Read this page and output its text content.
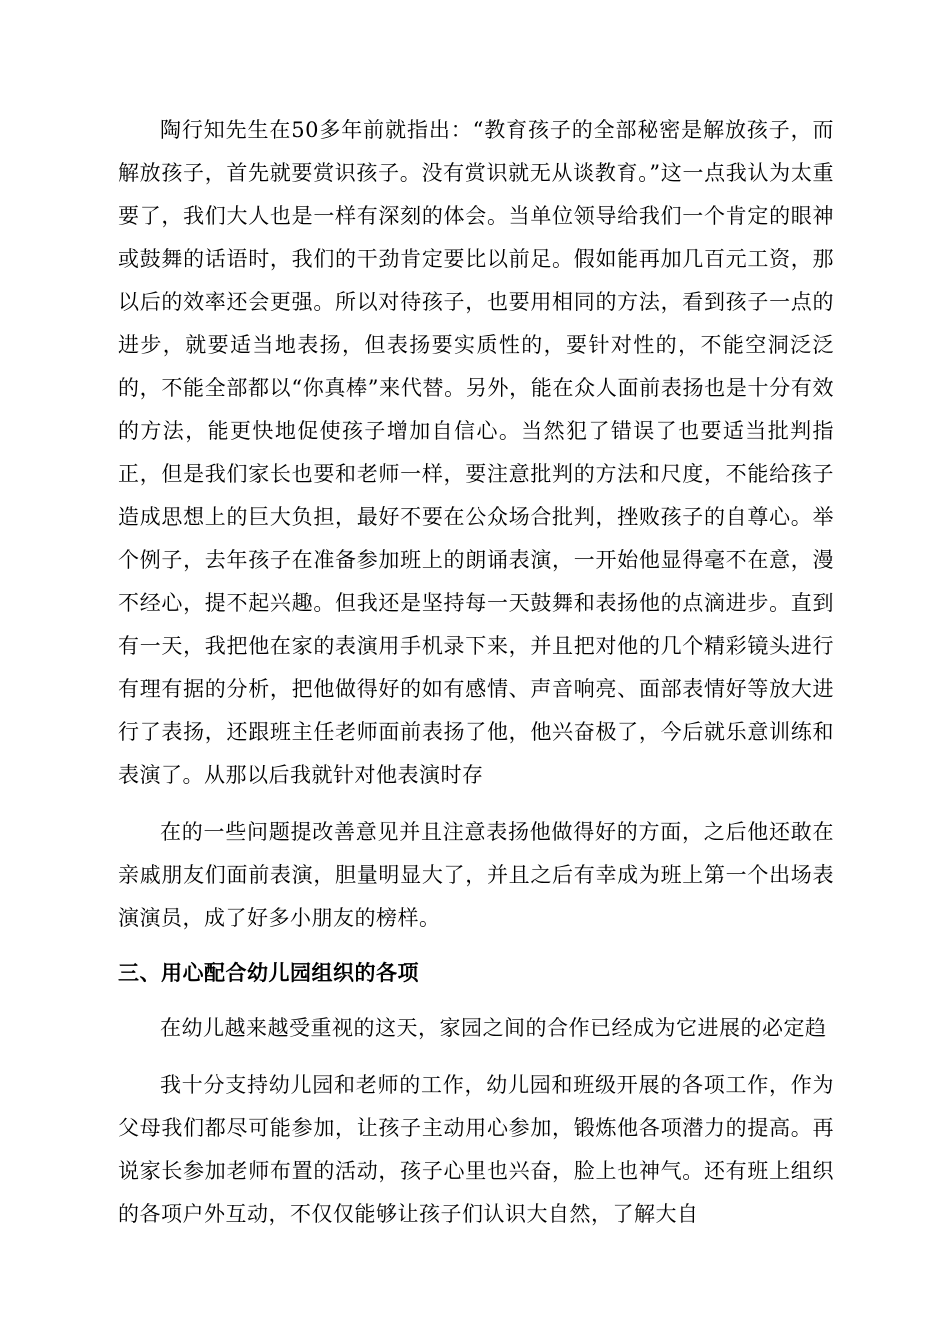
陶行知先生在50多年前就指出：“教育孩子的全部秘密是解放孩子，而解放孩子，首先就要赏识孩子。没有赏识就无从谈教育。”这一点我认为太重要了，我们大人也是一样有深刻的体会。当单位领导给我们一个肯定的眼神或鼓舞的话语时，我们的干劲肯定要比以前足。假如能再加几百元工资，那以后的效率还会更强。所以对待孩子，也要用相同的方法，看到孩子一点的进步，就要适当地表扬，但表扬要实质性的，要针对性的，不能空洞泛泛的，不能全部都以“你真棒”来代替。另外，能在众人面前表扬也是十分有效的方法，能更快地促使孩子增加自信心。当然犯了错误了也要适当批判指正，但是我们家长也要和老师一样，要注意批判的方法和尺度，不能给孩子造成思想上的巨大负担，最好不要在公众场合批判，挫败孩子的自尊心。举个例子，去年孩子在准备参加班上的朗诵表演，一开始他显得毫不在意，漫不经心，提不起兴趣。但我还是坚持每一天鼓舞和表扬他的点滴进步。直到有一天，我把他在家的表演用手机录下来，并且把对他的几个精彩镜头进行有理有据的分析，把他做得好的如有感情、声音响亮、面部表情好等放大进行了表扬，还跟班主任老师面前表扬了他，他兴奋极了，今后就乐意训练和表演了。从那以后我就针对他表演时存

在的一些问题提改善意见并且注意表扬他做得好的方面，之后他还敢在亲戚朋友们面前表演，胆量明显大了，并且之后有幸成为班上第一个出场表演演员，成了好多小朋友的榜样。

三、用心配合幼儿园组织的各项

在幼儿越来越受重视的这天，家园之间的合作已经成为它进展的必定趋

我十分支持幼儿园和老师的工作，幼儿园和班级开展的各项工作，作为父母我们都尽可能参加，让孩子主动用心参加，锻炼他各项潜力的提高。再说家长参加老师布置的活动，孩子心里也兴奋，脸上也神气。还有班上组织的各项户外互动，不仅仅能够让孩子们认识大自然，了解大自
